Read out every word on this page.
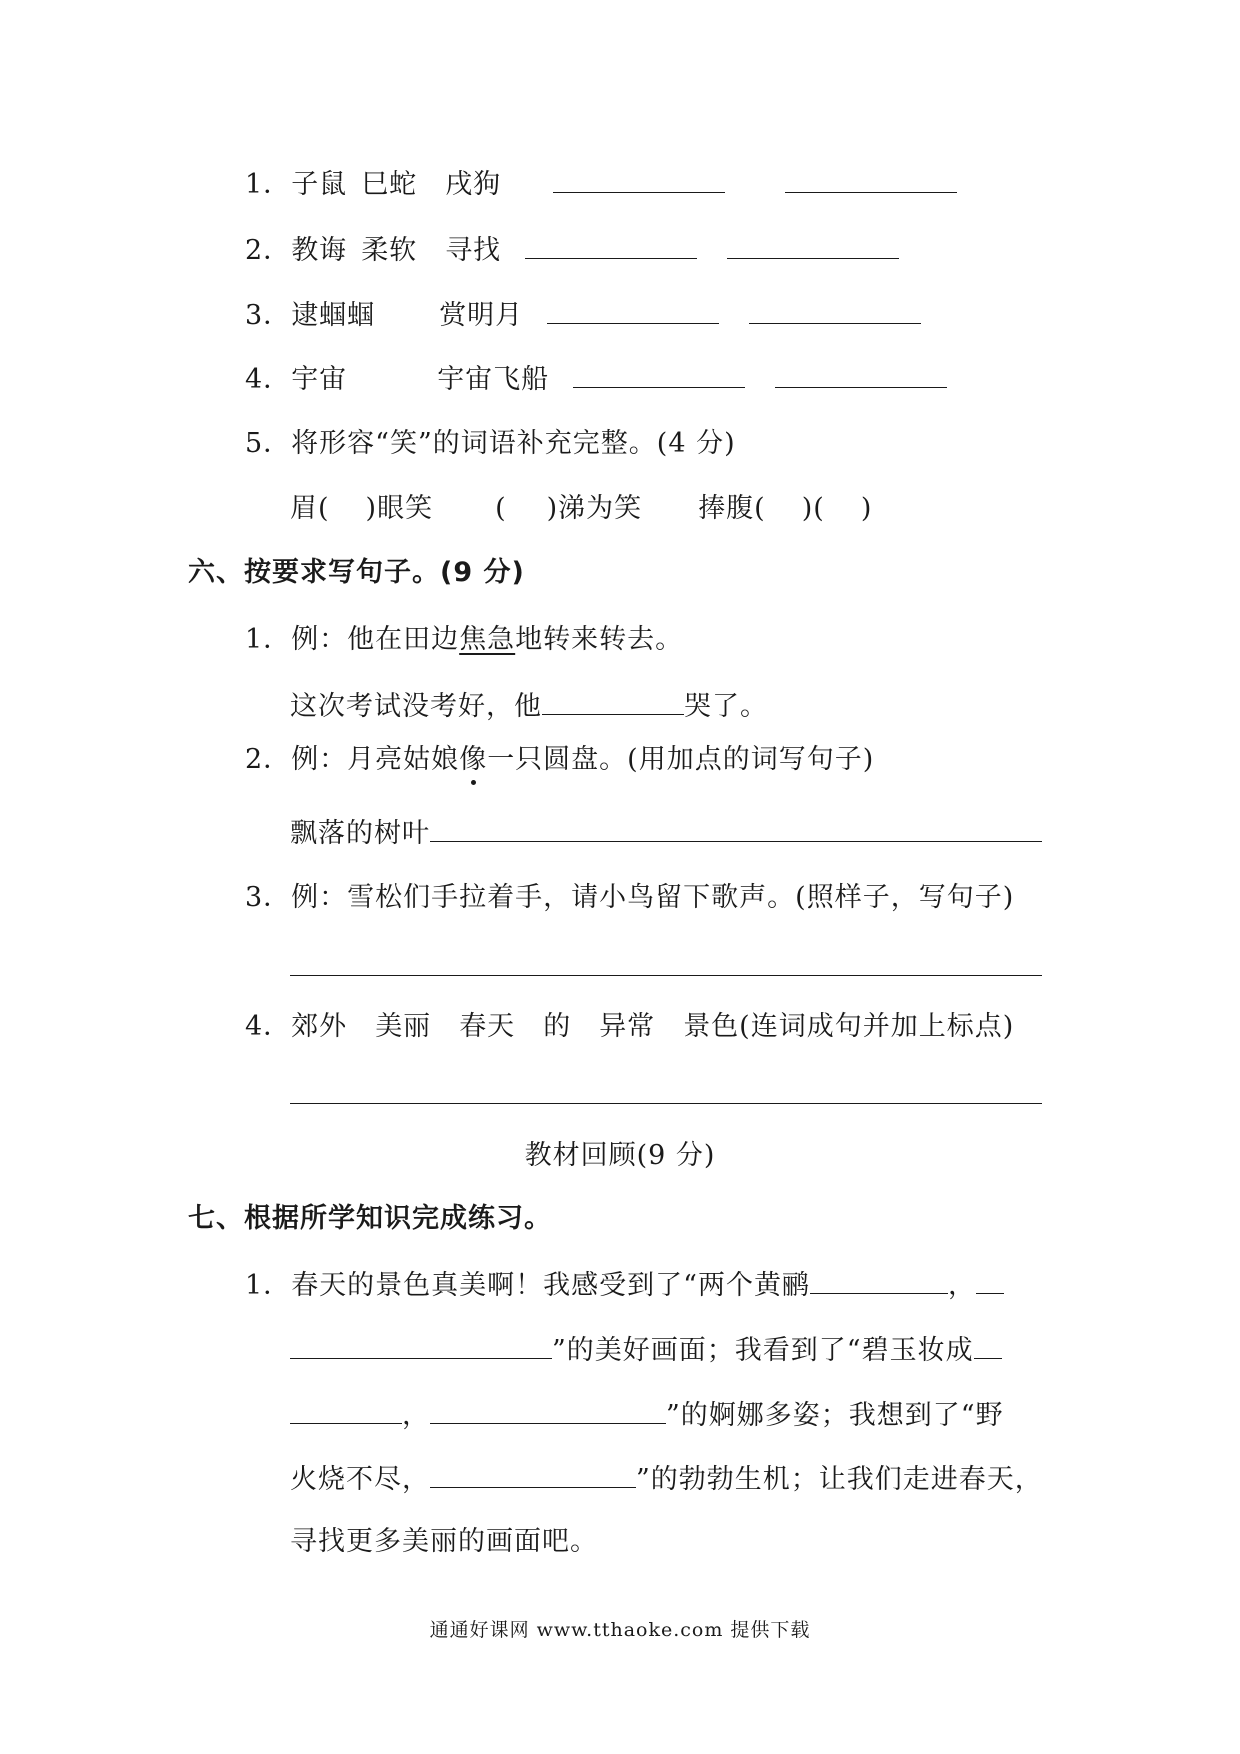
1．子鼠 巳蛇 戌狗
2．教诲 柔软 寻找
3．逮蝈蝈 赏明月
4．宇宙	宇宙飞船
5．将形容“笑”的词语补充完整。(4 分)
眉( )眼笑 ( )涕为笑 捧腹( )( )
六、按要求写句子。(9 分)
1．例：他在田边焦急地转来转去。
这次考试没考好，他	哭了。
2．例：月亮姑娘像一只圆盘。(用加点的词写句子)
飘落的树叶
3．例：雪松们手拉着手，请小鸟留下歌声。(照样子，写句子)
4．郊外 美丽 春天 的 异常 景色(连词成句并加上标点)
教材回顾(9 分)
七、根据所学知识完成练习。
1．春天的景色真美啊！我感受到了“两个黄鹂	，
”的美好画面；我看到了“碧玉妆成
，	”的婀娜多姿；我想到了“野
火烧不尽，	”的勃勃生机；让我们走进春天，
寻找更多美丽的画面吧。
通通好课网 www.tthaoke.com 提供下载
